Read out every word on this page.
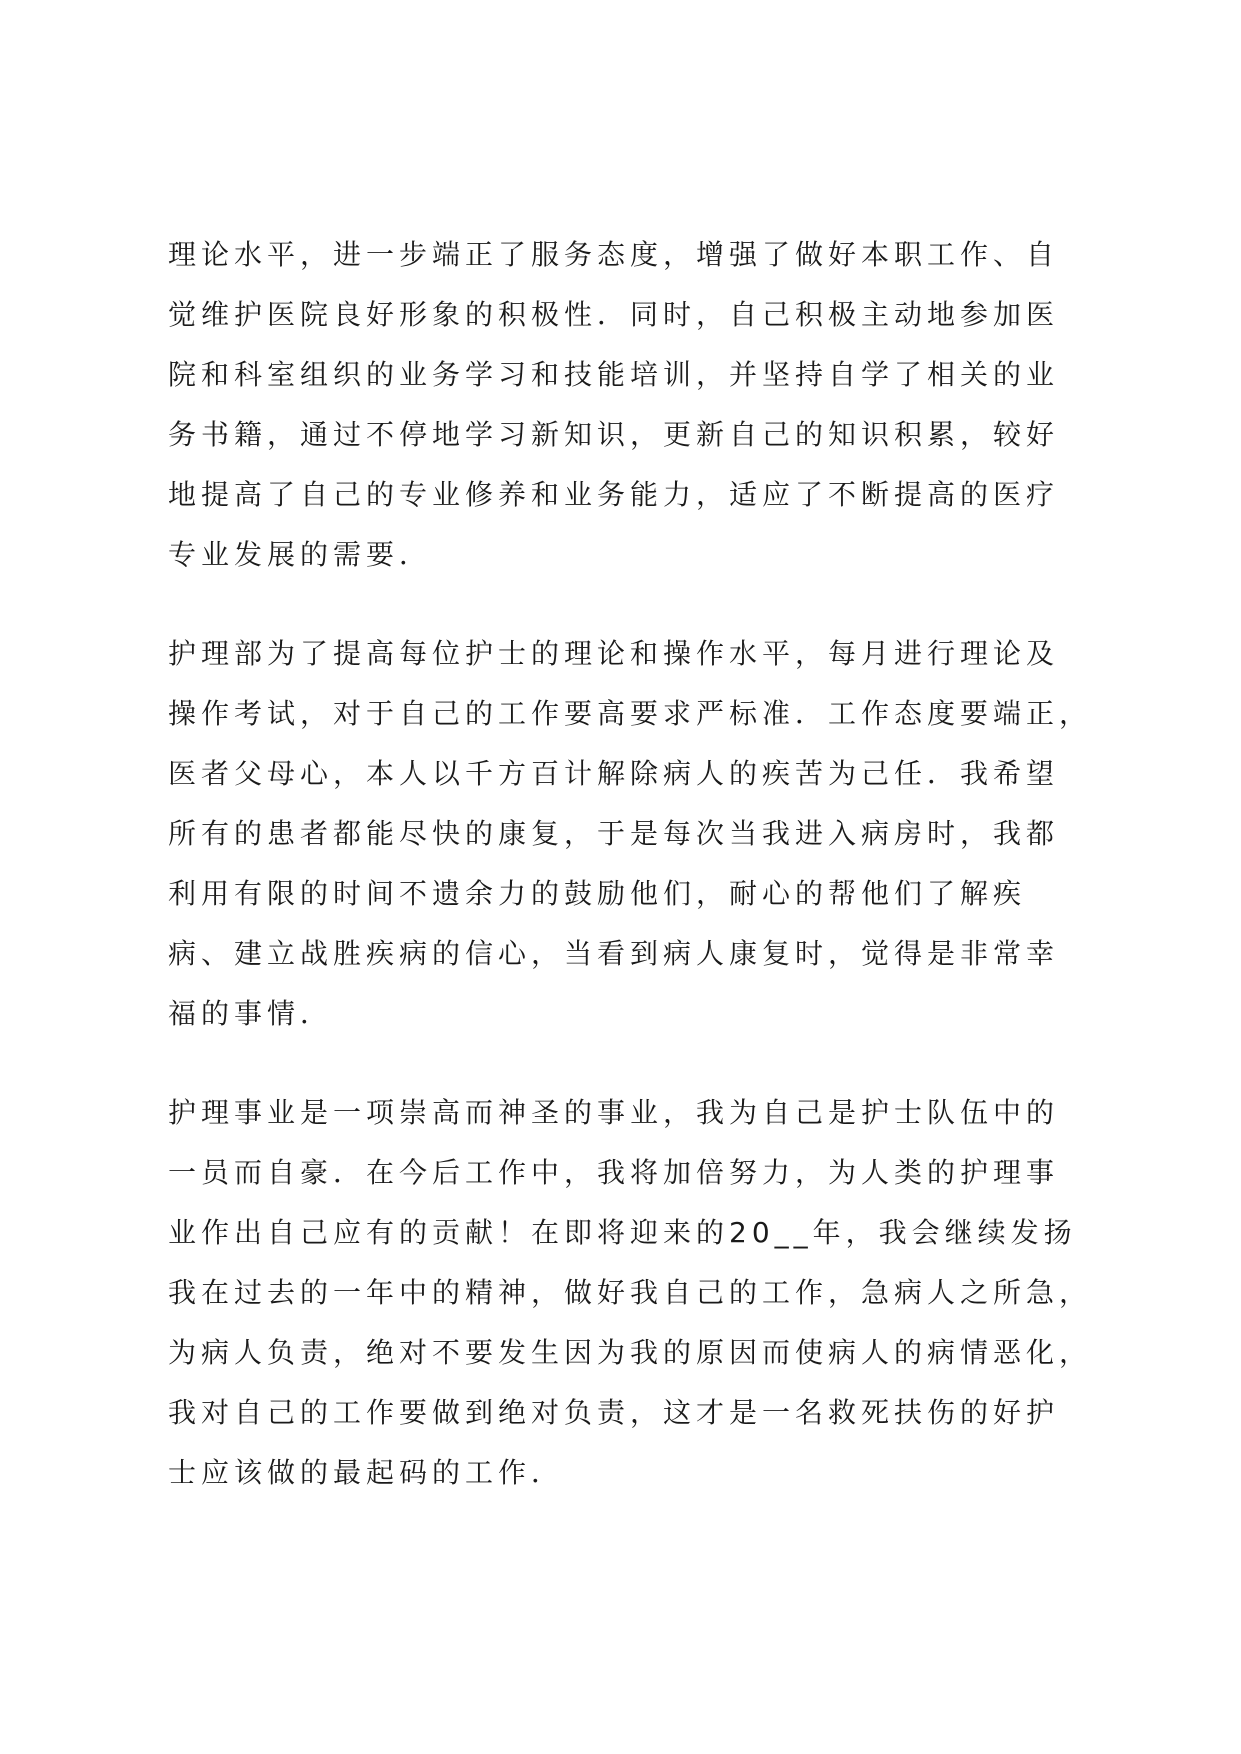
理论水平，进一步端正了服务态度，增强了做好本职工作、自
觉维护医院良好形象的积极性．同时，自己积极主动地参加医
院和科室组织的业务学习和技能培训，并坚持自学了相关的业
务书籍，通过不停地学习新知识，更新自己的知识积累，较好
地提高了自己的专业修养和业务能力，适应了不断提高的医疗
专业发展的需要．

护理部为了提高每位护士的理论和操作水平，每月进行理论及
操作考试，对于自己的工作要高要求严标准．工作态度要端正，
医者父母心，本人以千方百计解除病人的疾苦为己任．我希望
所有的患者都能尽快的康复，于是每次当我进入病房时，我都
利用有限的时间不遗余力的鼓励他们，耐心的帮他们了解疾
病、建立战胜疾病的信心，当看到病人康复时，觉得是非常幸
福的事情．

护理事业是一项崇高而神圣的事业，我为自己是护士队伍中的
一员而自豪．在今后工作中，我将加倍努力，为人类的护理事
业作出自己应有的贡献！在即将迎来的20__年，我会继续发扬
我在过去的一年中的精神，做好我自己的工作，急病人之所急，
为病人负责，绝对不要发生因为我的原因而使病人的病情恶化，
我对自己的工作要做到绝对负责，这才是一名救死扶伤的好护
士应该做的最起码的工作．
